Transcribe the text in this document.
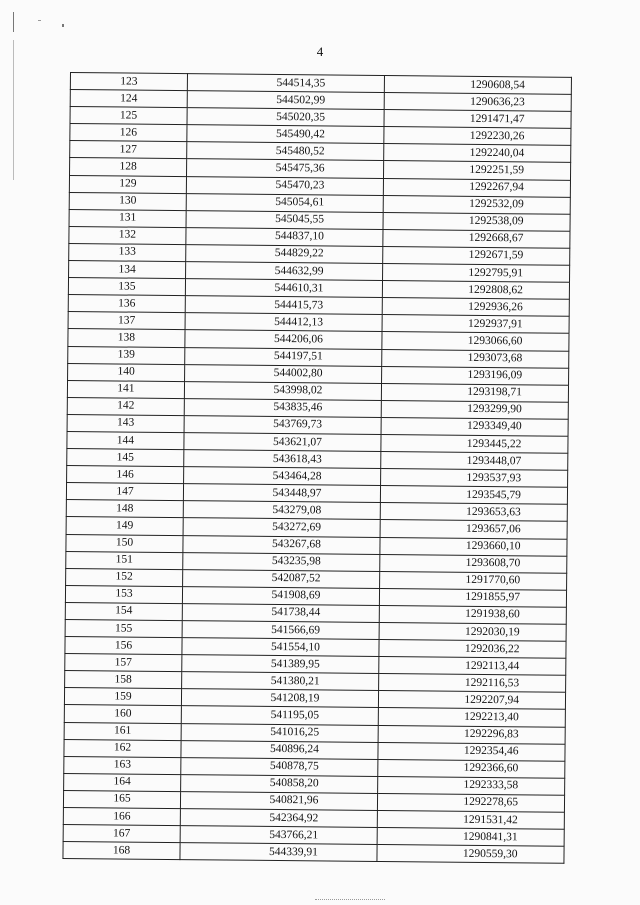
4
123	544514,35	1290608,54
124	544502,99	1290636,23
125	545020,35	1291471,47
126	545490,42	1292230,26
127	545480,52	1292240,04
128	545475,36	1292251,59
129	545470,23	1292267,94
130	545054,61	1292532,09
131	545045,55	1292538,09
132	544837,10	1292668,67
133	544829,22	1292671,59
134	544632,99	1292795,91
135	544610,31	1292808,62
136	544415,73	1292936,26
137	544412,13	1292937,91
138	544206,06	1293066,60
139	544197,51	1293073,68
140	544002,80	1293196,09
141	543998,02	1293198,71
142	543835,46	1293299,90
143	543769,73	1293349,40
144	543621,07	1293445,22
145	543618,43	1293448,07
146	543464,28	1293537,93
147	543448,97	1293545,79
148	543279,08	1293653,63
149	543272,69	1293657,06
150	543267,68	1293660,10
151	543235,98	1293608,70
152	542087,52	1291770,60
153	541908,69	1291855,97
154	541738,44	1291938,60
155	541566,69	1292030,19
156	541554,10	1292036,22
157	541389,95	1292113,44
158	541380,21	1292116,53
159	541208,19	1292207,94
160	541195,05	1292213,40
161	541016,25	1292296,83
162	540896,24	1292354,46
163	540878,75	1292366,60
164	540858,20	1292333,58
165	540821,96	1292278,65
166	542364,92	1291531,42
167	543766,21	1290841,31
168	544339,91	1290559,30
